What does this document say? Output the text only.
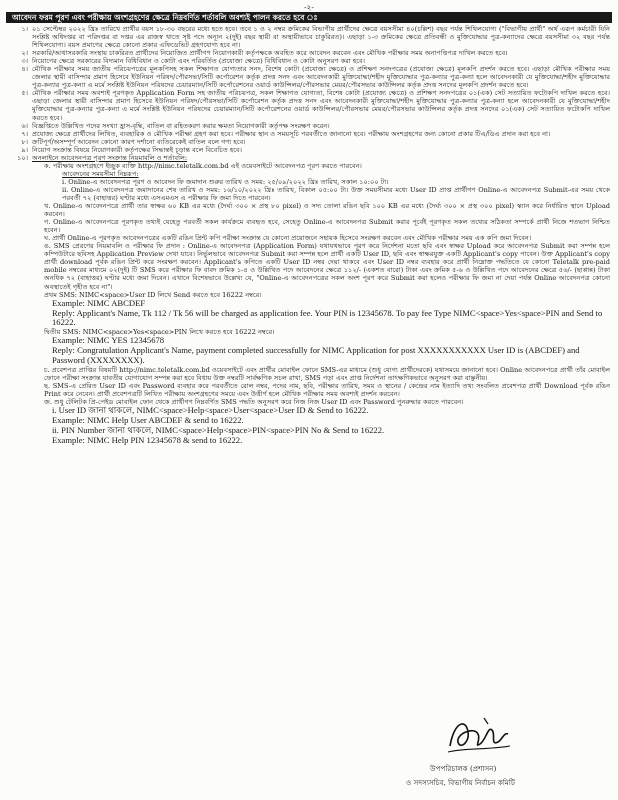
-২-
আবেদন ফরম পূরণ এবং পরীক্ষায় অংশগ্রহণের ক্ষেত্রে নিম্নবর্ণিত শর্তাবলি অবশ্যই পালন করতে হবে ঃ
১। ০১ সেপ্টেম্বর ২০২২ খ্রিঃ তারিখে প্রার্থীর বয়স ১৮-৩০ বছরের মধ্যে হতে হবে। তবে ১ ও ২ নম্বর ক্রমিকের বিভাগীয় প্রার্থীদের ক্ষেত্রে বয়সসীমা ৪০(চল্লিশ) বছর পর্যন্ত শিথিলযোগ্য ("বিভাগীয় প্রার্থী" অর্থ এরূপ কর্মচারী যিনি সংশ্লিষ্ট অধিদপ্তর বা পরিদপ্তর বা দপ্তর এর রাজস্ব খাতে সৃষ্ট পদে অন্যূন ২(দুই) বছর স্থায়ী বা অস্থায়ীভাবে চাকুরিরত)। এছাড়া ১-৩ ক্রমিকের ক্ষেত্রে প্রতিবন্ধী ও মুক্তিযোদ্ধার পুত্র-কন্যাদের ক্ষেত্রে বয়সসীমা ৩২ বছর পর্যন্ত শিথিলযোগ্য। বয়স প্রমাণের ক্ষেত্রে কোনো প্রকার এফিডেভিট গ্রহণযোগ্য হবে না।
২। সরকারি/আধাসরকারি সংস্থায় চাকরিরত প্রার্থীদের নিয়োজিত প্রার্থীগণ নিয়োগকারী কর্তৃপক্ষকে অবহিত করে আবেদন করবেন এবং মৌখিক পরীক্ষার সময় অনাপত্তিপত্র দাখিল করতে হবে।
৩। নিয়োগের ক্ষেত্রে সরকারের বিদ্যমান বিধিবিধান ও কোটা এবং পরিবর্তিত (প্রযোজ্য ক্ষেত্রে) বিধিবিধান ও কোটা অনুসরণ করা হবে।
৪। মৌখিক পরীক্ষার সময় জাতীয় পরিচয়পত্রের মূলকপিসহ সকল শিক্ষাগত যোগ্যতার সনদ, বিশেষ কোটা (প্রযোজ্য ক্ষেত্রে) ও প্রশিক্ষণ সনদপত্রের (প্রযোজ্য ক্ষেত্রে) মূলকপি প্রদর্শন করতে হবে। এছাড়া মৌখিক পরীক্ষার সময় জেলার স্থায়ী বাসিন্দার প্রমাণ হিসেবে ইউনিয়ন পরিষদ/পৌরসভা/সিটি কর্পোরেশন কর্তৃক প্রদত্ত সনদ এবং আবেদনকারী মুক্তিযোদ্ধা/শহীদ মুক্তিযোদ্ধার পুত্র-কন্যার পুত্র-কন্যা হলে আবেদনকারী যে মুক্তিযোদ্ধা/শহীদ মুক্তিযোদ্ধার পুত্র-কন্যার পুত্র-কন্যা এ মর্মে সংশ্লিষ্ট ইউনিয়ন পরিষদের চেয়ারম্যান/সিটি কর্পোরেশনের ওয়ার্ড কাউন্সিলর/পৌরসভার মেয়র/পৌরসভার কাউন্সিলর কর্তৃক প্রদত্ত সনদের মূলকপি প্রদর্শন করতে হবে।
৫। মৌখিক পরীক্ষার সময় অবশ্যই পূরণকৃত Application Form সহ জাতীয় পরিচয়পত্র, সকল শিক্ষাগত যোগ্যতা, বিশেষ কোটা (প্রযোজ্য ক্ষেত্রে) ও প্রশিক্ষণ সনদপত্রের ০১(এক) সেট সত্যায়িত ফটোকপি দাখিল করতে হবে। এছাড়া জেলার স্থায়ী বাসিন্দার প্রমাণ হিসেবে ইউনিয়ন পরিষদ/পৌরসভা/সিটি কর্পোরেশন কর্তৃক প্রদত্ত সনদ এবং আবেদনকারী মুক্তিযোদ্ধা/শহীদ মুক্তিযোদ্ধার পুত্র-কন্যার পুত্র-কন্যা হলে আবেদনকারী যে মুক্তিযোদ্ধা/শহীদ মুক্তিযোদ্ধার পুত্র-কন্যার পুত্র-কন্যা এ মর্মে সংশ্লিষ্ট ইউনিয়ন পরিষদের চেয়ারম্যান/সিটি কর্পোরেশনের ওয়ার্ড কাউন্সিলর/পৌরসভার মেয়র/পৌরসভার কাউন্সিলর কর্তৃক প্রদত্ত সনদের ০১(এক) সেট সত্যায়িত ফটোকপি দাখিল করতে হবে।
৬। বিজ্ঞপ্তিতে উল্লিখিত পদের সংখ্যা হ্রাস-বৃদ্ধি, বাতিল বা রহিতকরণ করার ক্ষমতা নিয়োগকারী কর্তৃপক্ষ সংরক্ষণ করেন।
৭। প্রযোজ্য ক্ষেত্রে প্রার্থীদের লিখিত, ব্যবহারিক ও মৌখিক পরীক্ষা গ্রহণ করা হবে। পরীক্ষার স্থান ও সময়সূচি পরবর্তীতে জানানো হবে। পরীক্ষায় অংশগ্রহণের জন্য কোনো প্রকার টিএ/ডিএ প্রদান করা হবে না।
৮। ক্রটিপূর্ণ/অসম্পূর্ণ আবেদন কোনো কারণ দর্শানো ব্যতিরেকেই বাতিল বলে গণ্য হবে।
৯। নিয়োগ সংক্রান্ত বিষয়ে নিয়োগকারী কর্তৃপক্ষের সিদ্ধান্তই চূড়ান্ত বলে বিবেচিত হবে।
১০। অনলাইনে আবেদনপত্র পূরণ সংক্রান্ত নিয়মাবলি ও শর্তাবলি:
ক. পরীক্ষায় অংশগ্রহণে ইচ্ছুক ব্যক্তি http://nimc.teletalk.com.bd এই ওয়েবসাইটে আবেদনপত্র পূরণ করতে পারবেন।
আবেদনের সময়সীমা নিম্নরূপ:
i. Online-এ আবেদনপত্র পূরণ ও আবেদন ফি জমাদান শুরুর তারিখ ও সময়: ২৫/০৯/২০২২ খ্রিঃ তারিখ, সকাল ১০:০০ টা।
ii. Online-এ আবেদনপত্র জমাদানের শেষ তারিখ ও সময়: ১৬/১০/২০২২ খ্রিঃ তারিখ, বিকাল ০৫:০০ টা। উক্ত সময়সীমার মধ্যে User ID প্রাপ্ত প্রার্থীগণ Online-এ আবেদনপত্র Submit-এর সময় থেকে পরবর্তী ৭২ (বাহাত্তর) ঘণ্টার মধ্যে এসএমএস এ পরীক্ষার ফি জমা দিতে পারবেন।
খ. Online-এ আবেদনপত্রে প্রার্থী তার স্বাক্ষর ৬০ KB এর মধ্যে (দৈর্ঘ্য ৩০০ × প্রস্থ ৮০ pixel) ও সদ্য তোলা রঙিন ছবি ১০০ KB এর মধ্যে (দৈর্ঘ্য ৩০০ × প্রস্থ ৩০০ pixel) স্ক্যান করে নির্ধারিত স্থানে Upload করবেন।
গ. Online-এ আবেদনপত্রে পূরণকৃত তথ্যই যেহেতু পরবর্তী সকল কার্যক্রমে ব্যবহৃত হবে, সেহেতু Online-এ আবেদনপত্র Submit করার পূর্বেই পূরণকৃত সকল তথ্যের সঠিকতা সম্পর্কে প্রার্থী নিজে শতভাগ নিশ্চিত হবেন।
ঘ. প্রার্থী Online-এ পূরণকৃত আবেদনপত্রের একটি রঙিন প্রিন্ট কপি পরীক্ষা সংক্রান্ত যে কোনো প্রয়োজনে সহায়ক হিসেবে সংরক্ষণ করবেন এবং মৌখিক পরীক্ষার সময় এক কপি জমা দিবেন।
ঙ. SMS প্রেরণের নিয়মাবলি ও পরীক্ষার ফি প্রদান : Online-এ আবেদনপত্র (Application Form) যথাযথভাবে পূরণ করে নির্দেশনা মতো ছবি এবং স্বাক্ষর Upload করে আবেদনপত্র Submit করা সম্পন্ন হলে কম্পিউটারে ছবিসহ Application Preview দেখা যাবে। নির্ভুলভাবে আবেদনপত্র Submit করা সম্পন্ন হলে প্রার্থী একটি User ID, ছবি এবং স্বাক্ষরযুক্ত একটি Applicant's copy পাবেন। উক্ত Applicant's copy প্রার্থী download পূর্বক রঙিন প্রিন্ট করে সংরক্ষণ করবেন। Applicant's কপিতে একটি User ID নম্বর দেয়া থাকবে এবং User ID নম্বর ব্যবহার করে প্রার্থী নিম্নোক্ত পদ্ধতিতে যে কোনো Teletalk pre-paid mobile নম্বরের মাধ্যমে ০২(দুই) টি SMS করে পরীক্ষার ফি বাবদ ক্রমিক ১-৪ ও উল্লিখিত পদে আবেদনের ক্ষেত্রে ১১২/- (একশত বারো) টাকা এবং ক্রমিক ৫-৬ ও উল্লিখিত পদে আবেদনের ক্ষেত্রে ৫৬/- (ছাপ্পান্ন) টাকা অনধিক ৭২ (বাহাত্তর) ঘণ্টার মধ্যে জমা দিবেন। এখানে বিশেষভাবে উল্লেখ্য যে, "Online-এ আবেদনপত্রের সকল অংশ পূরণ করে Submit করা হলেও পরীক্ষার ফি জমা না দেয়া পর্যন্ত Online আবেদনপত্র কোনো অবস্থাতেই গৃহীত হবে না"।
প্রথম SMS: NIMC<space>User ID লিখে Send করতে হবে 16222 নম্বরে।
Example: NIMC ABCDEF
Reply: Applicant's Name, Tk 112 / Tk 56 will be charged as application fee. Your PIN is 12345678. To pay fee Type NIMC<space>Yes<space>PIN and Send to 16222.
দ্বিতীয় SMS: NIMC<space>Yes<space>PIN লিখে করতে হবে 16222 নম্বরে।
Example: NIMC YES 12345678
Reply: Congratulation Applicant's Name, payment completed successfully for NIMC Application for post XXXXXXXXXXX User ID is (ABCDEF) and Password (XXXXXXXX).
চ. প্রবেশপত্র প্রাপ্তির বিষয়টি http://nimc.teletalk.com.bd ওয়েবসাইটে এবং প্রার্থীর মোবাইল ফোনে SMS-এর মাধ্যমে (শুধু যোগ্য প্রার্থীদেরকে) যথাসময়ে জানানো হবে। Online আবেদনপত্রে প্রার্থী তাঁর মোবাইল ফোনে পরীক্ষা সংক্রান্ত যাবতীয় যোগাযোগ সম্পন্ন করা হবে বিধায় উক্ত নম্বরটি সার্বক্ষণিক সচল রাখা, SMS পড়া এবং প্রাপ্ত নির্দেশনা তাৎক্ষণিকভাবে অনুসরণ করা বাঞ্ছনীয়।
ছ. SMS-এ প্রেরিত User ID এবং Password ব্যবহার করে পরবর্তীতে রোল নম্বর, পদের নাম, ছবি, পরীক্ষার তারিখ, সময় ও স্থানের / কেন্দ্রের নাম ইত্যাদি তথ্য সংবলিত প্রবেশপত্র প্রার্থী Download পূর্বক রঙিন Print করে নেবেন। প্রার্থী প্রবেশপত্রটি লিখিত পরীক্ষায় অংশগ্রহণের সময়ে এবং উত্তীর্ণ হলে মৌখিক পরীক্ষার সময় অবশ্যই প্রদর্শন করবেন।
জ. শুধু টেলিটক প্রি-পেইড মোবাইল ফোন থেকে প্রার্থীগণ নিম্নবর্ণিত SMS পদ্ধতি অনুসরণ করে নিজ নিজ User ID এবং Password পুনরুদ্ধার করতে পারবেন।
i. User ID জানা থাকলে, NIMC<space>Help<space>User<space>User ID & Send to 16222.
Example: NIMC Help User ABCDEF & send to 16222.
ii. PIN Number জানা থাকলে, NIMC<space>Help<space>PIN<space>PIN No & Send to 16222.
Example: NIMC Help PIN 12345678 & send to 16222.
উপপরিচালক (প্রশাসন)
ও সদস্যসচিব, বিভাগীয় নির্বাচন কমিটি
